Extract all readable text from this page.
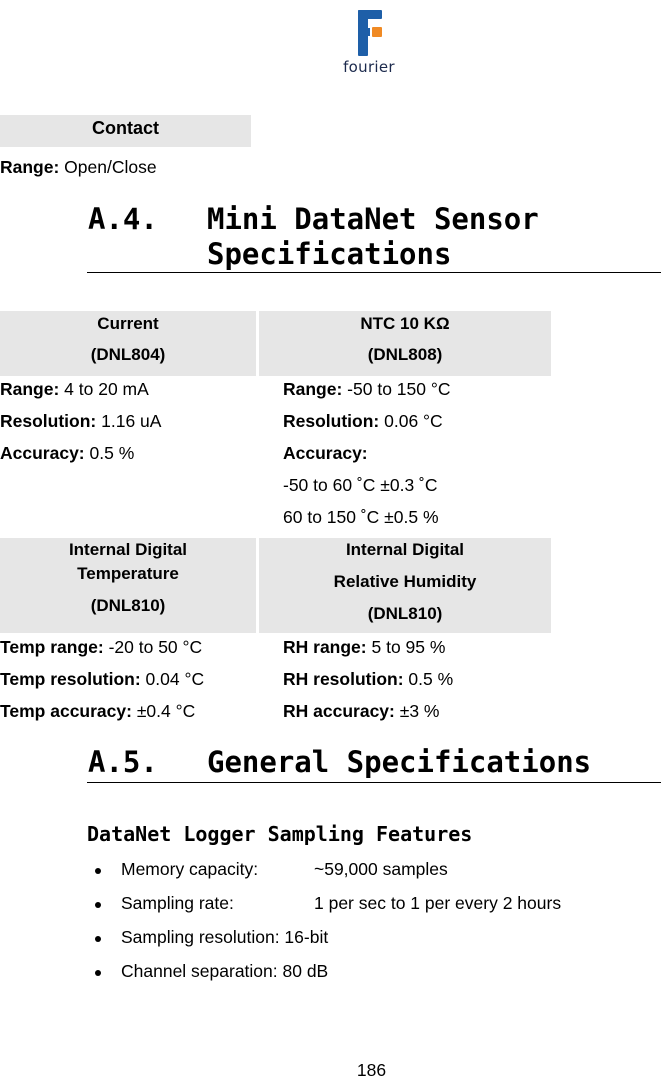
fourier
Contact
Range: Open/Close
A.4. Mini DataNet Sensor
Specifications
Current
(DNL804)
NTC 10 KΩ
(DNL808)
Range: 4 to 20 mA
Resolution: 1.16 uA
Accuracy: 0.5 %
Range: -50 to 150 °C
Resolution: 0.06 °C
Accuracy:
-50 to 60 ˚C ±0.3 ˚C
60 to 150 ˚C ±0.5 %
Internal Digital
Temperature
(DNL810)
Internal Digital
Relative Humidity
(DNL810)
Temp range: -20 to 50 °C
Temp resolution: 0.04 °C
Temp accuracy: ±0.4 °C
RH range: 5 to 95 %
RH resolution: 0.5 %
RH accuracy: ±3 %
A.5. General Specifications
DataNet Logger Sampling Features
Memory capacity:	~59,000 samples
Sampling rate:	1 per sec to 1 per every 2 hours
Sampling resolution: 16-bit
Channel separation: 80 dB
186
